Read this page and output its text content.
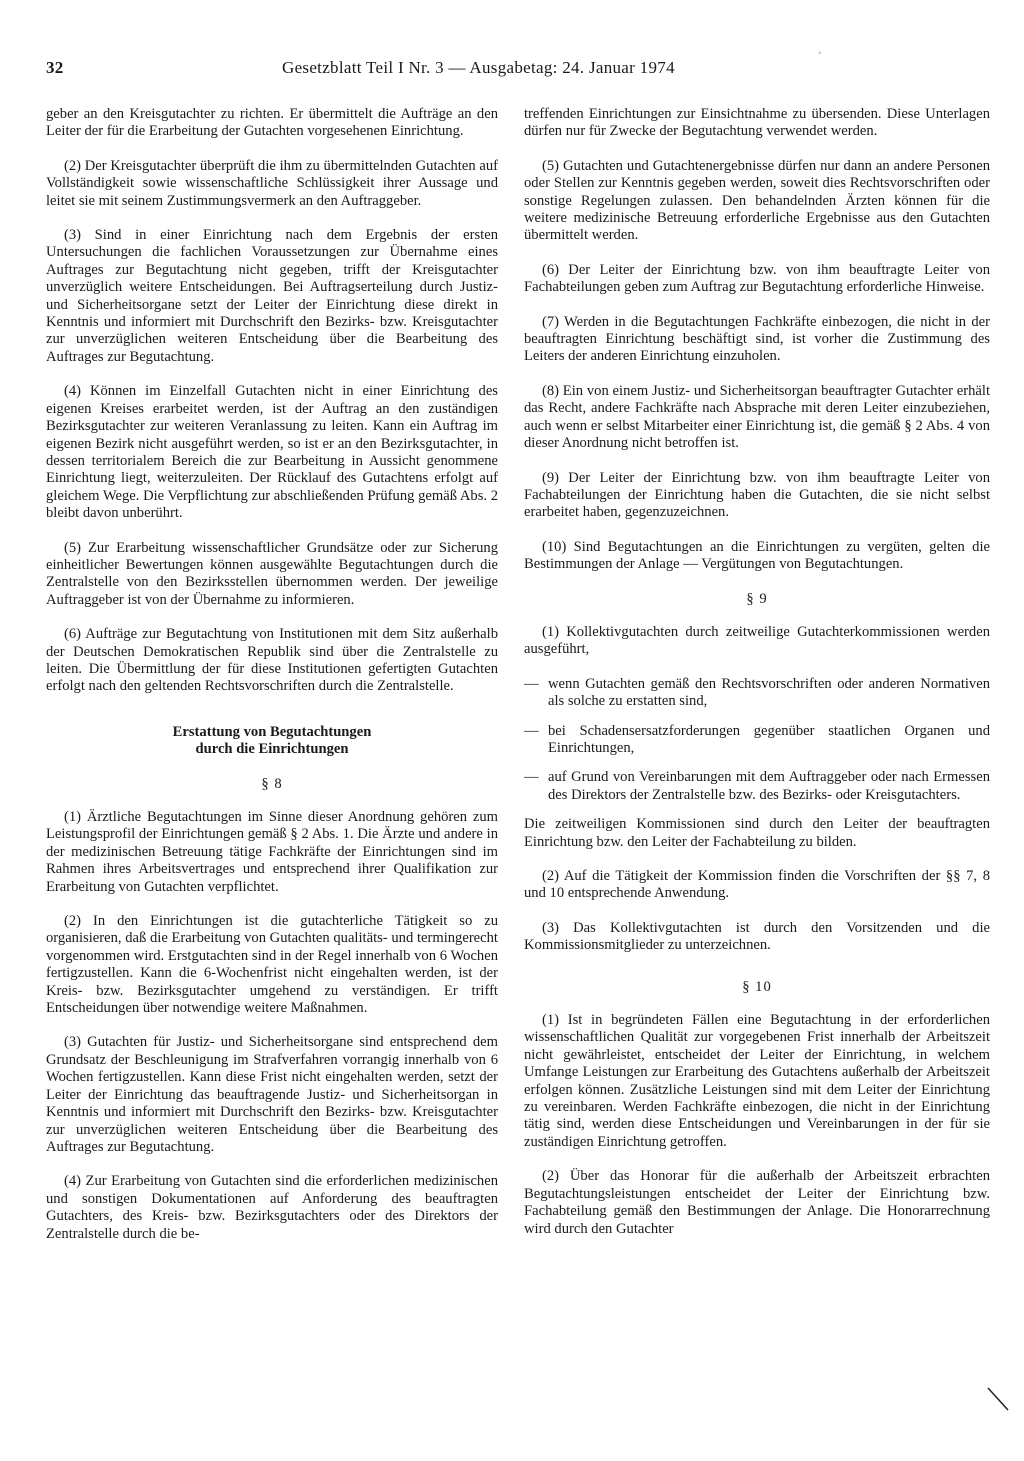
32	Gesetzblatt Teil I Nr. 3 — Ausgabetag: 24. Januar 1974
◦

geber an den Kreisgutachter zu richten. Er übermittelt die Aufträge an den Leiter der für die Erarbeitung der Gutachten vorgesehenen Einrichtung.

(2) Der Kreisgutachter überprüft die ihm zu übermittelnden Gutachten auf Vollständigkeit sowie wissenschaftliche Schlüssigkeit ihrer Aussage und leitet sie mit seinem Zustimmungsvermerk an den Auftraggeber.

(3) Sind in einer Einrichtung nach dem Ergebnis der ersten Untersuchungen die fachlichen Voraussetzungen zur Übernahme eines Auftrages zur Begutachtung nicht gegeben, trifft der Kreisgutachter unverzüglich weitere Entscheidungen. Bei Auftragserteilung durch Justiz- und Sicherheitsorgane setzt der Leiter der Einrichtung diese direkt in Kenntnis und informiert mit Durchschrift den Bezirks- bzw. Kreisgutachter zur unverzüglichen weiteren Entscheidung über die Bearbeitung des Auftrages zur Begutachtung.

(4) Können im Einzelfall Gutachten nicht in einer Einrichtung des eigenen Kreises erarbeitet werden, ist der Auftrag an den zuständigen Bezirksgutachter zur weiteren Veranlassung zu leiten. Kann ein Auftrag im eigenen Bezirk nicht ausgeführt werden, so ist er an den Bezirksgutachter, in dessen territorialem Bereich die zur Bearbeitung in Aussicht genommene Einrichtung liegt, weiterzuleiten. Der Rücklauf des Gutachtens erfolgt auf gleichem Wege. Die Verpflichtung zur abschließenden Prüfung gemäß Abs. 2 bleibt davon unberührt.

(5) Zur Erarbeitung wissenschaftlicher Grundsätze oder zur Sicherung einheitlicher Bewertungen können ausgewählte Begutachtungen durch die Zentralstelle von den Bezirksstellen übernommen werden. Der jeweilige Auftraggeber ist von der Übernahme zu informieren.

(6) Aufträge zur Begutachtung von Institutionen mit dem Sitz außerhalb der Deutschen Demokratischen Republik sind über die Zentralstelle zu leiten. Die Übermittlung der für diese Institutionen gefertigten Gutachten erfolgt nach den geltenden Rechtsvorschriften durch die Zentralstelle.

Erstattung von Begutachtungen
durch die Einrichtungen
§ 8

(1) Ärztliche Begutachtungen im Sinne dieser Anordnung gehören zum Leistungsprofil der Einrichtungen gemäß § 2 Abs. 1. Die Ärzte und andere in der medizinischen Betreuung tätige Fachkräfte der Einrichtungen sind im Rahmen ihres Arbeitsvertrages und entsprechend ihrer Qualifikation zur Erarbeitung von Gutachten verpflichtet.

(2) In den Einrichtungen ist die gutachterliche Tätigkeit so zu organisieren, daß die Erarbeitung von Gutachten qualitäts- und termingerecht vorgenommen wird. Erstgutachten sind in der Regel innerhalb von 6 Wochen fertigzustellen. Kann die 6-Wochenfrist nicht eingehalten werden, ist der Kreis- bzw. Bezirksgutachter umgehend zu verständigen. Er trifft Entscheidungen über notwendige weitere Maßnahmen.

(3) Gutachten für Justiz- und Sicherheitsorgane sind entsprechend dem Grundsatz der Beschleunigung im Strafverfahren vorrangig innerhalb von 6 Wochen fertigzustellen. Kann diese Frist nicht eingehalten werden, setzt der Leiter der Einrichtung das beauftragende Justiz- und Sicherheitsorgan in Kenntnis und informiert mit Durchschrift den Bezirks- bzw. Kreisgutachter zur unverzüglichen weiteren Entscheidung über die Bearbeitung des Auftrages zur Begutachtung.

(4) Zur Erarbeitung von Gutachten sind die erforderlichen medizinischen und sonstigen Dokumentationen auf Anforderung des beauftragten Gutachters, des Kreis- bzw. Bezirksgutachters oder des Direktors der Zentralstelle durch die be-

treffenden Einrichtungen zur Einsichtnahme zu übersenden. Diese Unterlagen dürfen nur für Zwecke der Begutachtung verwendet werden.

(5) Gutachten und Gutachtenergebnisse dürfen nur dann an andere Personen oder Stellen zur Kenntnis gegeben werden, soweit dies Rechtsvorschriften oder sonstige Regelungen zulassen. Den behandelnden Ärzten können für die weitere medizinische Betreuung erforderliche Ergebnisse aus den Gutachten übermittelt werden.

(6) Der Leiter der Einrichtung bzw. von ihm beauftragte Leiter von Fachabteilungen geben zum Auftrag zur Begutachtung erforderliche Hinweise.

(7) Werden in die Begutachtungen Fachkräfte einbezogen, die nicht in der beauftragten Einrichtung beschäftigt sind, ist vorher die Zustimmung des Leiters der anderen Einrichtung einzuholen.

(8) Ein von einem Justiz- und Sicherheitsorgan beauftragter Gutachter erhält das Recht, andere Fachkräfte nach Absprache mit deren Leiter einzubeziehen, auch wenn er selbst Mitarbeiter einer Einrichtung ist, die gemäß § 2 Abs. 4 von dieser Anordnung nicht betroffen ist.

(9) Der Leiter der Einrichtung bzw. von ihm beauftragte Leiter von Fachabteilungen der Einrichtung haben die Gutachten, die sie nicht selbst erarbeitet haben, gegenzuzeichnen.

(10) Sind Begutachtungen an die Einrichtungen zu vergüten, gelten die Bestimmungen der Anlage — Vergütungen von Begutachtungen.

§ 9

(1) Kollektivgutachten durch zeitweilige Gutachterkommissionen werden ausgeführt,

— wenn Gutachten gemäß den Rechtsvorschriften oder anderen Normativen als solche zu erstatten sind,
— bei Schadensersatzforderungen gegenüber staatlichen Organen und Einrichtungen,
— auf Grund von Vereinbarungen mit dem Auftraggeber oder nach Ermessen des Direktors der Zentralstelle bzw. des Bezirks- oder Kreisgutachters.

Die zeitweiligen Kommissionen sind durch den Leiter der beauftragten Einrichtung bzw. den Leiter der Fachabteilung zu bilden.

(2) Auf die Tätigkeit der Kommission finden die Vorschriften der §§ 7, 8 und 10 entsprechende Anwendung.

(3) Das Kollektivgutachten ist durch den Vorsitzenden und die Kommissionsmitglieder zu unterzeichnen.

§ 10

(1) Ist in begründeten Fällen eine Begutachtung in der erforderlichen wissenschaftlichen Qualität zur vorgegebenen Frist innerhalb der Arbeitszeit nicht gewährleistet, entscheidet der Leiter der Einrichtung, in welchem Umfange Leistungen zur Erarbeitung des Gutachtens außerhalb der Arbeitszeit erfolgen können. Zusätzliche Leistungen sind mit dem Leiter der Einrichtung zu vereinbaren. Werden Fachkräfte einbezogen, die nicht in der Einrichtung tätig sind, werden diese Entscheidungen und Vereinbarungen in der für sie zuständigen Einrichtung getroffen.

(2) Über das Honorar für die außerhalb der Arbeitszeit erbrachten Begutachtungsleistungen entscheidet der Leiter der Einrichtung bzw. Fachabteilung gemäß den Bestimmungen der Anlage. Die Honorarrechnung wird durch den Gutachter
